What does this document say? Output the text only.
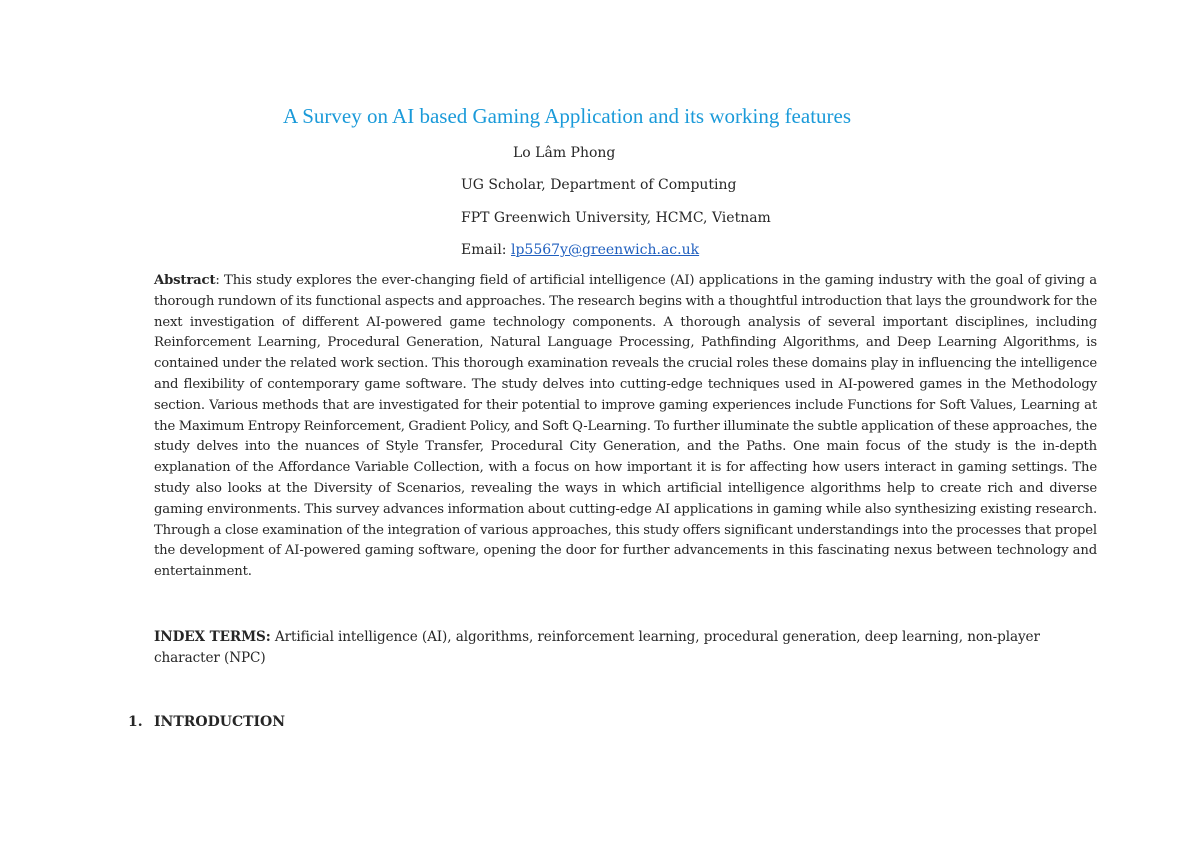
A Survey on AI based Gaming Application and its working features
Lo Lâm Phong
UG Scholar, Department of Computing
FPT Greenwich University, HCMC, Vietnam
Email: lp5567y@greenwich.ac.uk
Abstract: This study explores the ever-changing field of artificial intelligence (AI) applications in the gaming industry with the goal of giving a thorough rundown of its functional aspects and approaches. The research begins with a thoughtful introduction that lays the groundwork for the next investigation of different AI-powered game technology components. A thorough analysis of several important disciplines, including Reinforcement Learning, Procedural Generation, Natural Language Processing, Pathfinding Algorithms, and Deep Learning Algorithms, is contained under the related work section. This thorough examination reveals the crucial roles these domains play in influencing the intelligence and flexibility of contemporary game software. The study delves into cutting-edge techniques used in AI-powered games in the Methodology section. Various methods that are investigated for their potential to improve gaming experiences include Functions for Soft Values, Learning at the Maximum Entropy Reinforcement, Gradient Policy, and Soft Q-Learning. To further illuminate the subtle application of these approaches, the study delves into the nuances of Style Transfer, Procedural City Generation, and the Paths. One main focus of the study is the in-depth explanation of the Affordance Variable Collection, with a focus on how important it is for affecting how users interact in gaming settings. The study also looks at the Diversity of Scenarios, revealing the ways in which artificial intelligence algorithms help to create rich and diverse gaming environments. This survey advances information about cutting-edge AI applications in gaming while also synthesizing existing research. Through a close examination of the integration of various approaches, this study offers significant understandings into the processes that propel the development of AI-powered gaming software, opening the door for further advancements in this fascinating nexus between technology and entertainment.
INDEX TERMS: Artificial intelligence (AI), algorithms, reinforcement learning, procedural generation, deep learning, non-player character (NPC)
1. INTRODUCTION
